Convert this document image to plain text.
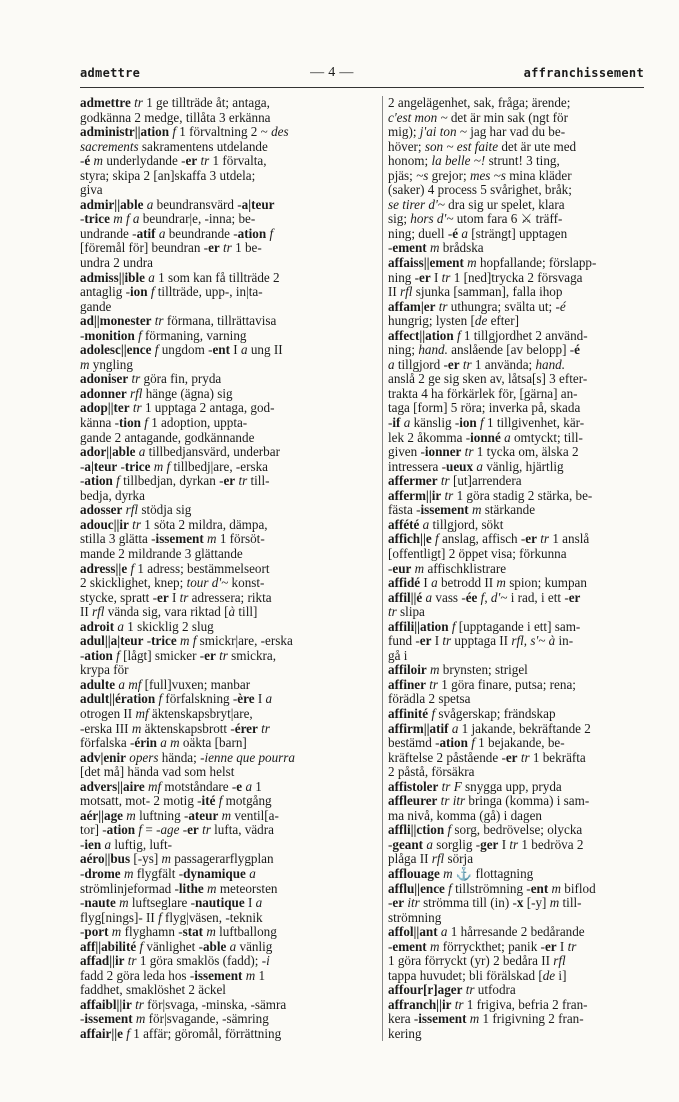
admettre	— 4 —	affranchissement
admettre tr 1 ge tillträde åt; antaga,
godkänna 2 medge, tillåta 3 erkänna
administr||ation f 1 förvaltning 2 ~ des
sacrements sakramentens utdelande
-é m underlydande -er tr 1 förvalta,
styra; skipa 2 [an]skaffa 3 utdela;
giva
admir||able a beundransvärd -a|teur
-trice m f a beundrar|e, -inna; be-
undrande -atif a beundrande -ation f
[föremål för] beundran -er tr 1 be-
undra 2 undra
admiss||ible a 1 som kan få tillträde 2
antaglig -ion f tillträde, upp-, in|ta-
gande
ad||monester tr förmana, tillrättavisa
-monition f förmaning, varning
adolesc||ence f ungdom -ent I a ung II
m yngling
adoniser tr göra fin, pryda
adonner rfl hänge (ägna) sig
adop||ter tr 1 upptaga 2 antaga, god-
känna -tion f 1 adoption, uppta-
gande 2 antagande, godkännande
ador||able a tillbedjansvärd, underbar
-a|teur -trice m f tillbedj|are, -erska
-ation f tillbedjan, dyrkan -er tr till-
bedja, dyrka
adosser rfl stödja sig
adouc||ir tr 1 söta 2 mildra, dämpa,
stilla 3 glätta -issement m 1 försöt-
mande 2 mildrande 3 glättande
adress||e f 1 adress; bestämmelseort
2 skicklighet, knep; tour d'~ konst-
stycke, spratt -er I tr adressera; rikta
II rfl vända sig, vara riktad [à till]
adroit a 1 skicklig 2 slug
adul||a|teur -trice m f smickr|are, -erska
-ation f [lågt] smicker -er tr smickra,
krypa för
adulte a mf [full]vuxen; manbar
adult||ération f förfalskning -ère I a
otrogen II mf äktenskapsbryt|are,
-erska III m äktenskapsbrott -érer tr
förfalska -érin a m oäkta [barn]
adv|enir opers hända; -ienne que pourra
[det må] hända vad som helst
advers||aire mf motståndare -e a 1
motsatt, mot- 2 motig -ité f motgång
aér||age m luftning -ateur m ventil[a-
tor] -ation f = -age -er tr lufta, vädra
-ien a luftig, luft-
aéro||bus [-ys] m passagerarflygplan
-drome m flygfält -dynamique a
strömlinjeformad -lithe m meteorsten
-naute m luftseglare -nautique I a
flyg[nings]- II f flyg|väsen, -teknik
-port m flyghamn -stat m luftballong
aff||abilité f vänlighet -able a vänlig
affad||ir tr 1 göra smaklös (fadd); -i
fadd 2 göra leda hos -issement m 1
faddhet, smaklöshet 2 äckel
affaibl||ir tr för|svaga, -minska, -sämra
-issement m för|svagande, -sämring
affair||e f 1 affär; göromål, förrättning
2 angelägenhet, sak, fråga; ärende;
c'est mon ~ det är min sak (ngt för
mig); j'ai ton ~ jag har vad du be-
höver; son ~ est faite det är ute med
honom; la belle ~! strunt! 3 ting,
pjäs; ~s grejor; mes ~s mina kläder
(saker) 4 process 5 svårighet, bråk;
se tirer d'~ dra sig ur spelet, klara
sig; hors d'~ utom fara 6 ⚔ träff-
ning; duell -é a [strängt] upptagen
-ement m brådska
affaiss||ement m hopfallande; förslapp-
ning -er I tr 1 [ned]trycka 2 försvaga
II rfl sjunka [samman], falla ihop
affam|er tr uthungra; svälta ut; -é
hungrig; lysten [de efter]
affect||ation f 1 tillgjordhet 2 använd-
ning; hand. anslående [av belopp] -é
a tillgjord -er tr 1 använda; hand.
anslå 2 ge sig sken av, låtsa[s] 3 efter-
trakta 4 ha förkärlek för, [gärna] an-
taga [form] 5 röra; inverka på, skada
-if a känslig -ion f 1 tillgivenhet, kär-
lek 2 åkomma -ionné a omtyckt; till-
given -ionner tr 1 tycka om, älska 2
intressera -ueux a vänlig, hjärtlig
affermer tr [ut]arrendera
afferm||ir tr 1 göra stadig 2 stärka, be-
fästa -issement m stärkande
affété a tillgjord, sökt
affich||e f anslag, affisch -er tr 1 anslå
[offentligt] 2 öppet visa; förkunna
-eur m affischklistrare
affidé I a betrodd II m spion; kumpan
affil||é a vass -ée f, d'~ i rad, i ett -er
tr slipa
affili||ation f [upptagande i ett] sam-
fund -er I tr upptaga II rfl, s'~ à in-
gå i
affiloir m brynsten; strigel
affiner tr 1 göra finare, putsa; rena;
förädla 2 spetsa
affinité f svågerskap; frändskap
affirm||atif a 1 jakande, bekräftande 2
bestämd -ation f 1 bejakande, be-
kräftelse 2 påstående -er tr 1 bekräfta
2 påstå, försäkra
affistoler tr F snygga upp, pryda
affleurer tr itr bringa (komma) i sam-
ma nivå, komma (gå) i dagen
affli||ction f sorg, bedrövelse; olycka
-geant a sorglig -ger I tr 1 bedröva 2
plåga II rfl sörja
afflouage m ⚓ flottagning
afflu||ence f tillströmning -ent m biflod
-er itr strömma till (in) -x [-y] m till-
strömning
affol||ant a 1 hårresande 2 bedårande
-ement m förryckthet; panik -er I tr
1 göra förryckt (yr) 2 bedåra II rfl
tappa huvudet; bli förälskad [de i]
affour[r]ager tr utfodra
affranch||ir tr 1 frigiva, befria 2 fran-
kera -issement m 1 frigivning 2 fran-
kering
